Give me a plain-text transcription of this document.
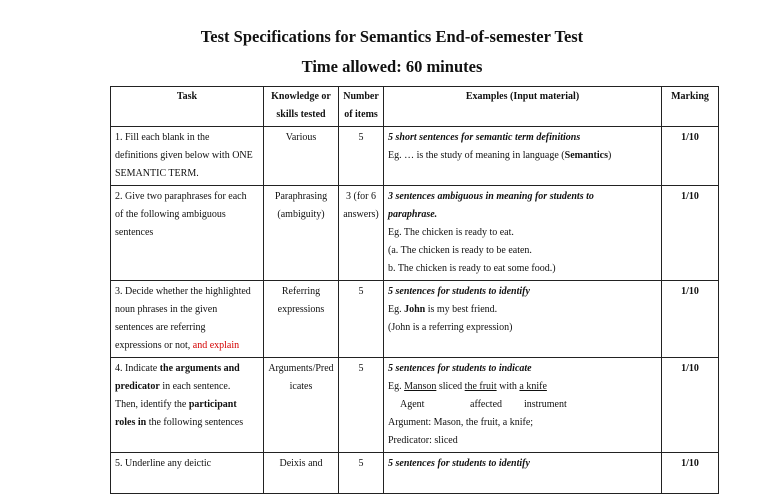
Test Specifications for Semantics End-of-semester Test
Time allowed: 60 minutes
Task	Knowledge or skills tested	Number of items	Examples (Input material)	Marking

1. Fill each blank in the
definitions given below with ONE
SEMANTIC TERM.	Various	5	5 short sentences for semantic term definitions
Eg. … is the study of meaning in language (Semantics)	1/10

2. Give two paraphrases for each
of the following ambiguous
sentences	Paraphrasing (ambiguity)	3 (for 6 answers)	3 sentences ambiguous in meaning for students to
paraphrase.
Eg. The chicken is ready to eat.
(a. The chicken is ready to be eaten.
b. The chicken is ready to eat some food.)	1/10

3. Decide whether the highlighted
noun phrases in the given
sentences are referring
expressions or not, and explain	Referring expressions	5	5 sentences for students to identify
Eg. John is my best friend.
(John is a referring expression)	1/10

4. Indicate the arguments and
predicator in each sentence.
Then, identify the participant
roles in the following sentences	Arguments/Predicates	5	5 sentences for students to indicate
Eg. Manson sliced the fruit with a knife
Agent affected instrument
Argument: Mason, the fruit, a knife;
Predicator: sliced	1/10

5. Underline any deictic	Deixis and	5	5 sentences for students to identify	1/10
